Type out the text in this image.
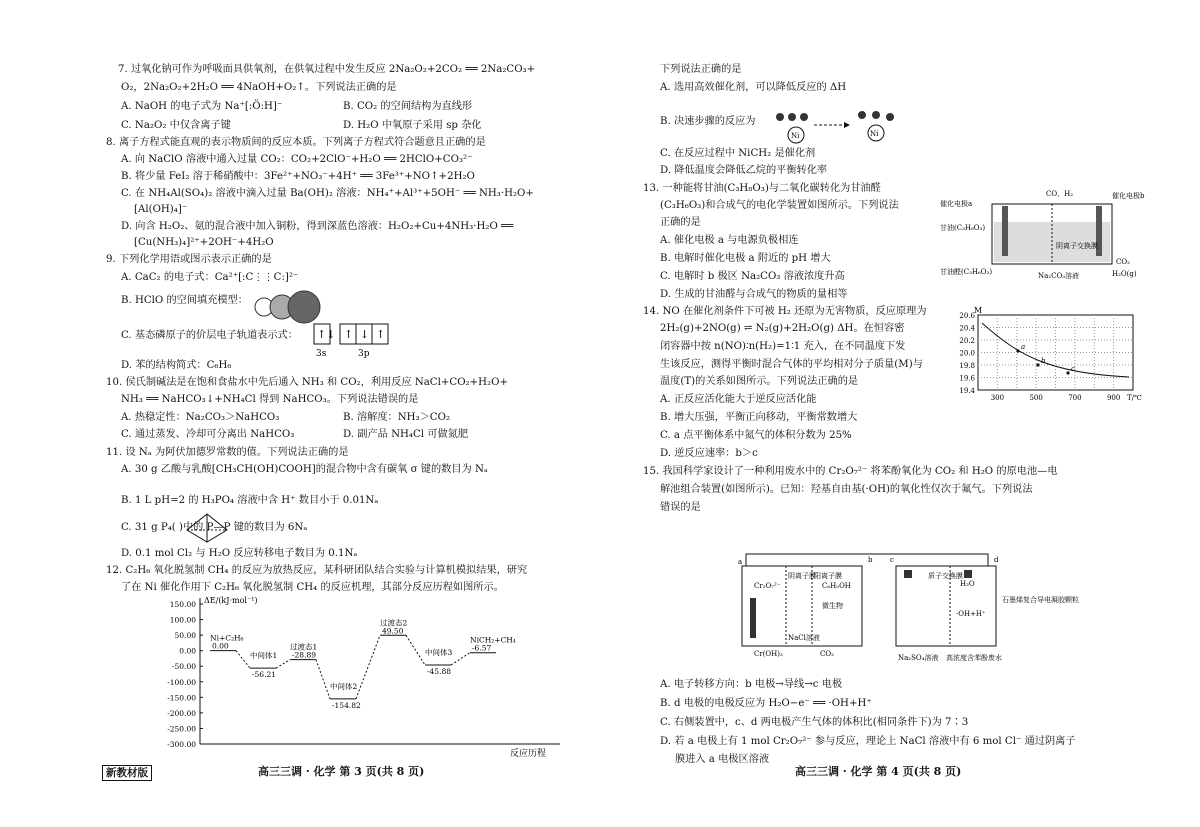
7. 过氧化钠可作为呼吸面具供氧剂，在供氧过程中发生反应 2Na₂O₂+2CO₂ ══ 2Na₂CO₃+
O₂，2Na₂O₂+2H₂O ══ 4NaOH+O₂↑。下列说法正确的是
A. NaOH 的电子式为 Na⁺[:Ö:H]⁻	B. CO₂ 的空间结构为直线形
C. Na₂O₂ 中仅含离子键	D. H₂O 中氧原子采用 sp 杂化
8. 离子方程式能直观的表示物质间的反应本质。下列离子方程式符合题意且正确的是
A. 向 NaClO 溶液中通入过量 CO₂：CO₂+2ClO⁻+H₂O ══ 2HClO+CO₃²⁻
B. 将少量 FeI₂ 溶于稀硝酸中：3Fe²⁺+NO₃⁻+4H⁺ ══ 3Fe³⁺+NO↑+2H₂O
C. 在 NH₄Al(SO₄)₂ 溶液中滴入过量 Ba(OH)₂ 溶液：NH₄⁺+Al³⁺+5OH⁻ ══ NH₃·H₂O+
[Al(OH)₄]⁻
D. 向含 H₂O₂、氨的混合液中加入铜粉，得到深蓝色溶液：H₂O₂+Cu+4NH₃·H₂O ══
[Cu(NH₃)₄]²⁺+2OH⁻+4H₂O
9. 下列化学用语或图示表示正确的是
A. CaC₂ 的电子式：Ca²⁺[:C⋮⋮C:]²⁻
B. HClO 的空间填充模型：
C. 基态磷原子的价层电子轨道表示式：
D. 苯的结构简式：C₆H₆
10. 侯氏制碱法是在饱和食盐水中先后通入 NH₃ 和 CO₂，利用反应 NaCl+CO₂+H₂O+
NH₃ ══ NaHCO₃↓+NH₄Cl 得到 NaHCO₃。下列说法错误的是
A. 热稳定性：Na₂CO₃＞NaHCO₃	B. 溶解度：NH₃＞CO₂
C. 通过蒸发、冷却可分离出 NaHCO₃	D. 副产品 NH₄Cl 可做氮肥
11. 设 Nₐ 为阿伏加德罗常数的值。下列说法正确的是
A. 30 g 乙酸与乳酸[CH₃CH(OH)COOH]的混合物中含有碳氧 σ 键的数目为 Nₐ
B. 1 L pH=2 的 H₃PO₄ 溶液中含 H⁺ 数目小于 0.01Nₐ
C. 31 g P₄( )中的 P—P 键的数目为 6Nₐ
D. 0.1 mol Cl₂ 与 H₂O 反应转移电子数目为 0.1Nₐ
12. C₂H₆ 氧化脱氢制 CH₄ 的反应为放热反应，某科研团队结合实验与计算机模拟结果，研究
了在 Ni 催化作用下 C₂H₆ 氧化脱氢制 CH₄ 的反应机理，其部分反应历程如图所示。
下列说法正确的是
A. 选用高效催化剂，可以降低反应的 ΔH
B. 决速步骤的反应为
C. 在反应过程中 NiCH₂ 是催化剂
D. 降低温度会降低乙烷的平衡转化率
13. 一种能将甘油(C₃H₈O₃)与二氧化碳转化为甘油醛
(C₃H₆O₃)和合成气的电化学装置如图所示。下列说法
正确的是
A. 催化电极 a 与电源负极相连
B. 电解时催化电极 a 附近的 pH 增大
C. 电解时 b 极区 Na₂CO₃ 溶液浓度升高
D. 生成的甘油醛与合成气的物质的量相等
14. NO 在催化剂条件下可被 H₂ 还原为无害物质，反应原理为
2H₂(g)+2NO(g) ⇌ N₂(g)+2H₂O(g) ΔH。在恒容密
闭容器中按 n(NO)∶n(H₂)=1∶1 充入，在不同温度下发
生该反应，测得平衡时混合气体的平均相对分子质量(M)与
温度(T)的关系如图所示。下列说法正确的是
A. 正反应活化能大于逆反应活化能
B. 增大压强，平衡正向移动，平衡常数增大
C. a 点平衡体系中氮气的体积分数为 25%
D. 逆反应速率：b＞c
15. 我国科学家设计了一种利用废水中的 Cr₂O₇²⁻ 将苯酚氧化为 CO₂ 和 H₂O 的原电池—电
解池组合装置(如图所示)。已知：羟基自由基(·OH)的氧化性仅次于氟气。下列说法
错误的是
A. 电子转移方向：b 电极→导线→c 电极
B. d 电极的电极反应为 H₂O−e⁻ ══ ·OH+H⁺
C. 右侧装置中，c、d 两电极产生气体的体积比(相同条件下)为 7∶3
D. 若 a 电极上有 1 mol Cr₂O₇²⁻ 参与反应，理论上 NaCl 溶液中有 6 mol Cl⁻ 通过阴离子
膜进入 a 电极区溶液
↑↓ ↑ ↓ ↑
3s	3p
ΔE/(kJ·mol⁻¹)
反应历程
150.00
100.00
50.00
0.00
-50.00
-100.00
-150.00
-200.00
-250.00
-300.00
Ni+C₂H₆
0.00
中间体1
-56.21
过渡态1
-28.89
中间体2
-154.82
过渡态2
49.50
中间体3
-45.88
NiCH₂+CH₄
-6.57
Ni	Ni
催化电极a
甘油(C₃H₈O₃)
甘油醛(C₃H₆O₃)
阴离子交换膜
Na₂CO₃溶液
CO、H₂	催化电极b
CO₂
H₂O(g)
M
20.6
20.4
20.2
20.0
19.8
19.6
19.4
300	500	700	900 T/℃
a
b
c
a
Cr₂O₇²⁻
Cr(OH)₃
阴离子膜
阳离子膜
C₆H₅OH
微生物
NaCl溶液
CO₂
b	c	d
质子交换膜
H₂O
·OH+H⁺
石墨烯复合导电凝胶颗粒
Na₂SO₄溶液 高浓度含苯酚废水
新教材版	高三三调 · 化学 第 3 页(共 8 页)	高三三调 · 化学 第 4 页(共 8 页)
